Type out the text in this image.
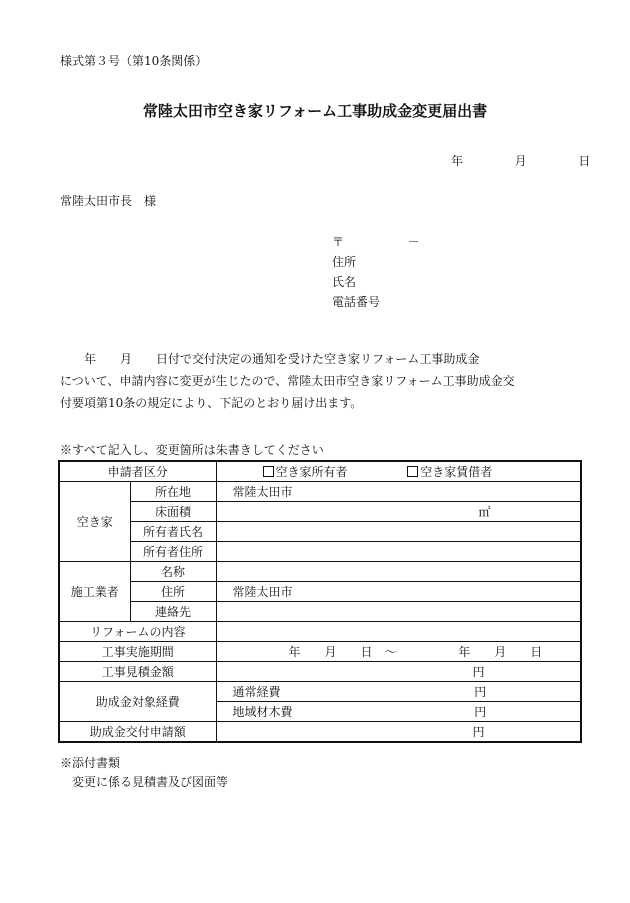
様式第３号（第10条関係）
常陸太田市空き家リフォーム工事助成金変更届出書
年	月	日
常陸太田市長　様
〒	－
住所
氏名
電話番号

　　年　　月　　日付で交付決定の通知を受けた空き家リフォーム工事助成金

について、申請内容に変更が生じたので、常陸太田市空き家リフォーム工事助成金交

付要項第10条の規定により、下記のとおり届け出ます。

※すべて記入し、変更箇所は朱書きしてください
申請者区分		空き家所有者 空き家賃借者
空き家	所在地	常陸太田市
	床面積	㎡
	所有者氏名	
	所有者住所	
施工業者	名称	
	住所	常陸太田市
	連絡先	
リフォームの内容		
工事実施期間		年　　月　　日　〜 年　　月　　日
工事見積金額		円
助成金対象経費		通常経費 円
		地域材木費 円
助成金交付申請額		円
※添付書類
変更に係る見積書及び図面等
